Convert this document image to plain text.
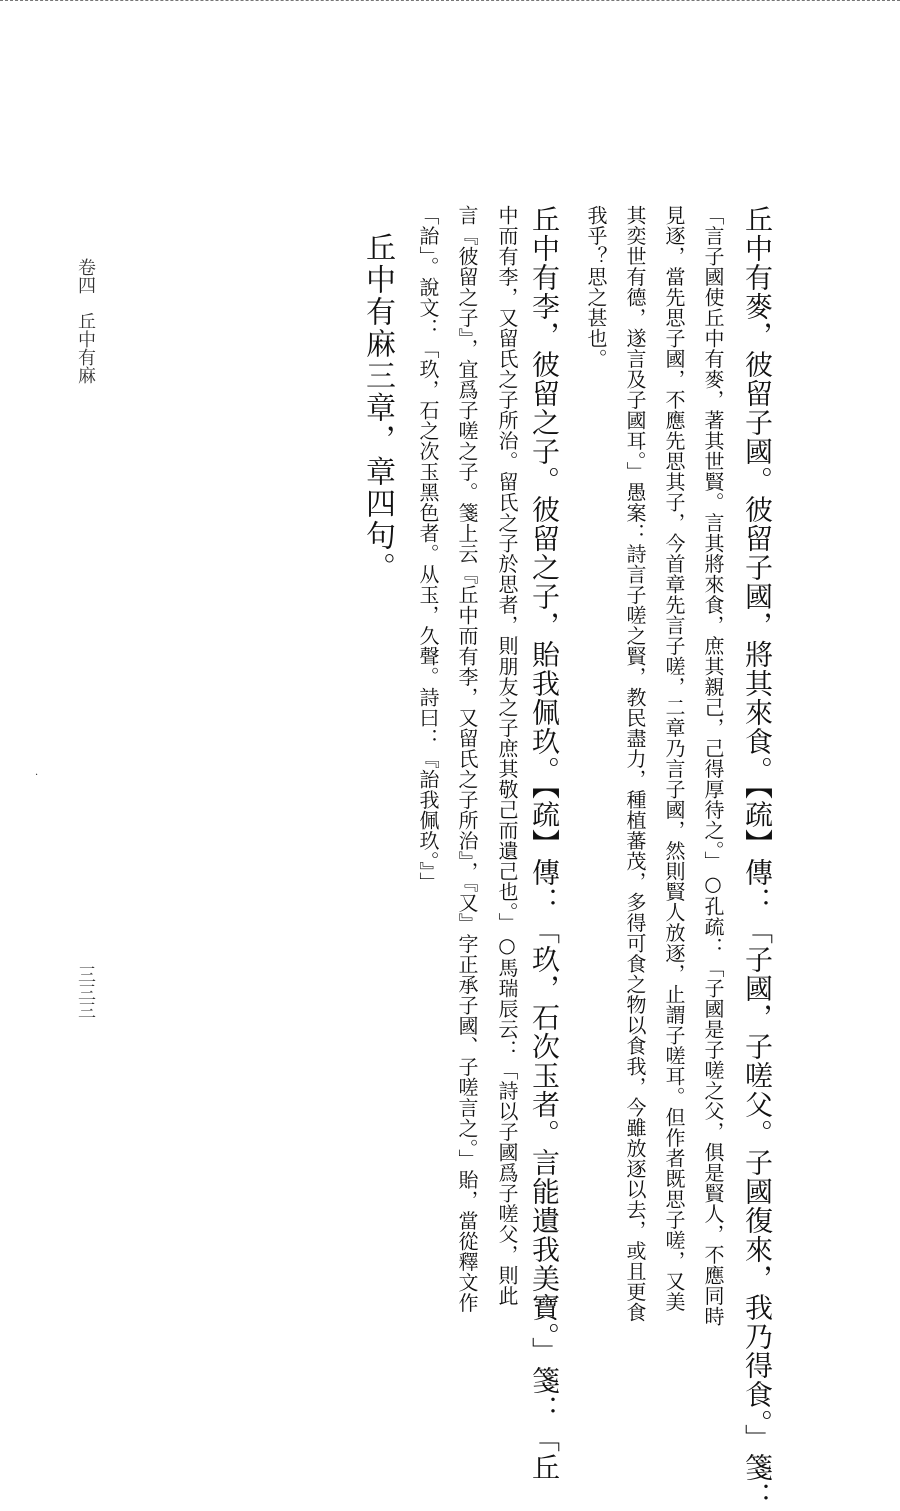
丘中有麥，彼留子國。彼留子國，將其來食。【疏】傳：「子國，子嗟父。子國復來，我乃得食。」箋：
「言子國使丘中有麥，著其世賢。言其將來食，庶其親己，己得厚待之。」○孔疏：「子國是子嗟之父，俱是賢人，不應同時
見逐，當先思子國，不應先思其子，今首章先言子嗟，二章乃言子國，然則賢人放逐，止謂子嗟耳。但作者既思子嗟，又美
其奕世有德，遂言及子國耳。」愚案：詩言子嗟之賢，教民盡力，種植蕃茂，多得可食之物以食我，今雖放逐以去，或且更食
我乎？思之甚也。
丘中有李，彼留之子。彼留之子，貽我佩玖。【疏】傳：「玖，石次玉者。言能遺我美寶。」箋：「丘
中而有李，又留氏之子所治。留氏之子於思者，則朋友之子庶其敬己而遺己也。」○馬瑞辰云：「詩以子國爲子嗟父，則此
言『彼留之子』，宜爲子嗟之子。箋上云『丘中而有李，又留氏之子所治』，『又』字正承子國、子嗟言之。」貽，當從釋文作
「詒」。說文：「玖，石之次玉黑色者。从玉，久聲。詩曰：『詒我佩玖。』」
丘中有麻三章，章四句。
卷四　丘中有麻
三三三
·
